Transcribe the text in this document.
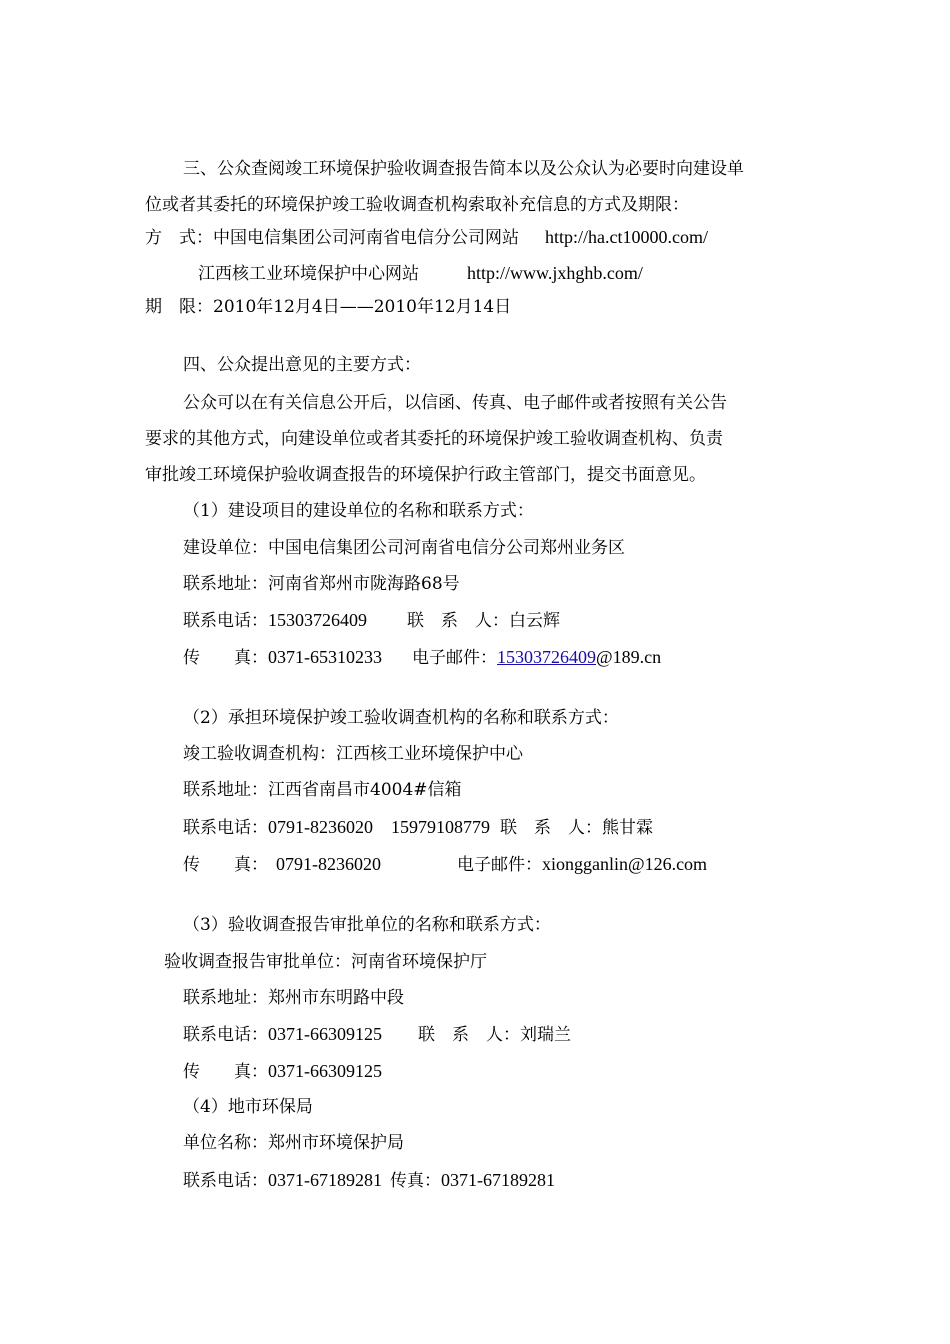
三、公众查阅竣工环境保护验收调查报告简本以及公众认为必要时向建设单
位或者其委托的环境保护竣工验收调查机构索取补充信息的方式及期限：
方　式：中国电信集团公司河南省电信分公司网站 http://ha.ct10000.com/
江西核工业环境保护中心网站	http://www.jxhghb.com/
期　限：2010年12月4日——2010年12月14日
四、公众提出意见的主要方式：
公众可以在有关信息公开后，以信函、传真、电子邮件或者按照有关公告
要求的其他方式，向建设单位或者其委托的环境保护竣工验收调查机构、负责
审批竣工环境保护验收调查报告的环境保护行政主管部门，提交书面意见。
（1）建设项目的建设单位的名称和联系方式：
建设单位：中国电信集团公司河南省电信分公司郑州业务区
联系地址：河南省郑州市陇海路68号
联系电话：15303726409 联　系　人：白云辉
传　　真：0371-65310233 电子邮件：15303726409@189.cn
（2）承担环境保护竣工验收调查机构的名称和联系方式：
竣工验收调查机构：江西核工业环境保护中心
联系地址：江西省南昌市4004#信箱
联系电话：0791-8236020　15979108779 联　系　人：熊甘霖
传　　真： 0791-8236020	电子邮件：xiongganlin@126.com
（3）验收调查报告审批单位的名称和联系方式：
验收调查报告审批单位：河南省环境保护厅
联系地址：郑州市东明路中段
联系电话：0371-66309125 联　系　人：刘瑞兰
传　　真：0371-66309125
（4）地市环保局
单位名称：郑州市环境保护局
联系电话：0371-67189281 传真：0371-67189281
